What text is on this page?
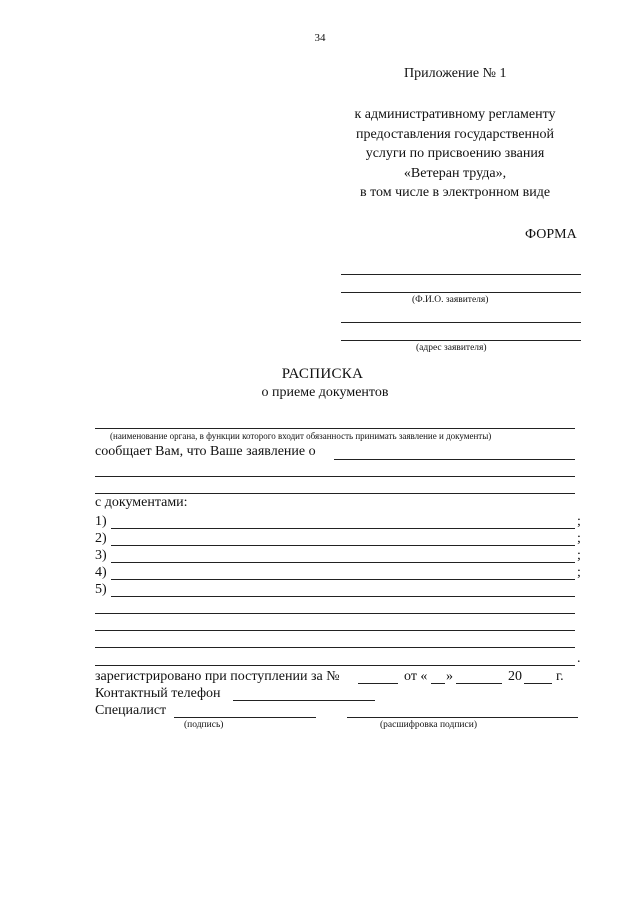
34
Приложение № 1
к административному регламенту
предоставления государственной
услуги по присвоению звания
«Ветеран труда»,
в том числе в электронном виде
ФОРМА
(Ф.И.О. заявителя)
(адрес заявителя)
РАСПИСКА
о приеме документов
(наименование органа, в функции которого входит обязанность принимать заявление и документы)
сообщает Вам, что Ваше заявление о
с документами:
1)	;
2)	;
3)	;
4)	;
5)
.
зарегистрировано при поступлении за №	от « »	20 г.
Контактный телефон
Специалист
(подпись)	(расшифровка подписи)
